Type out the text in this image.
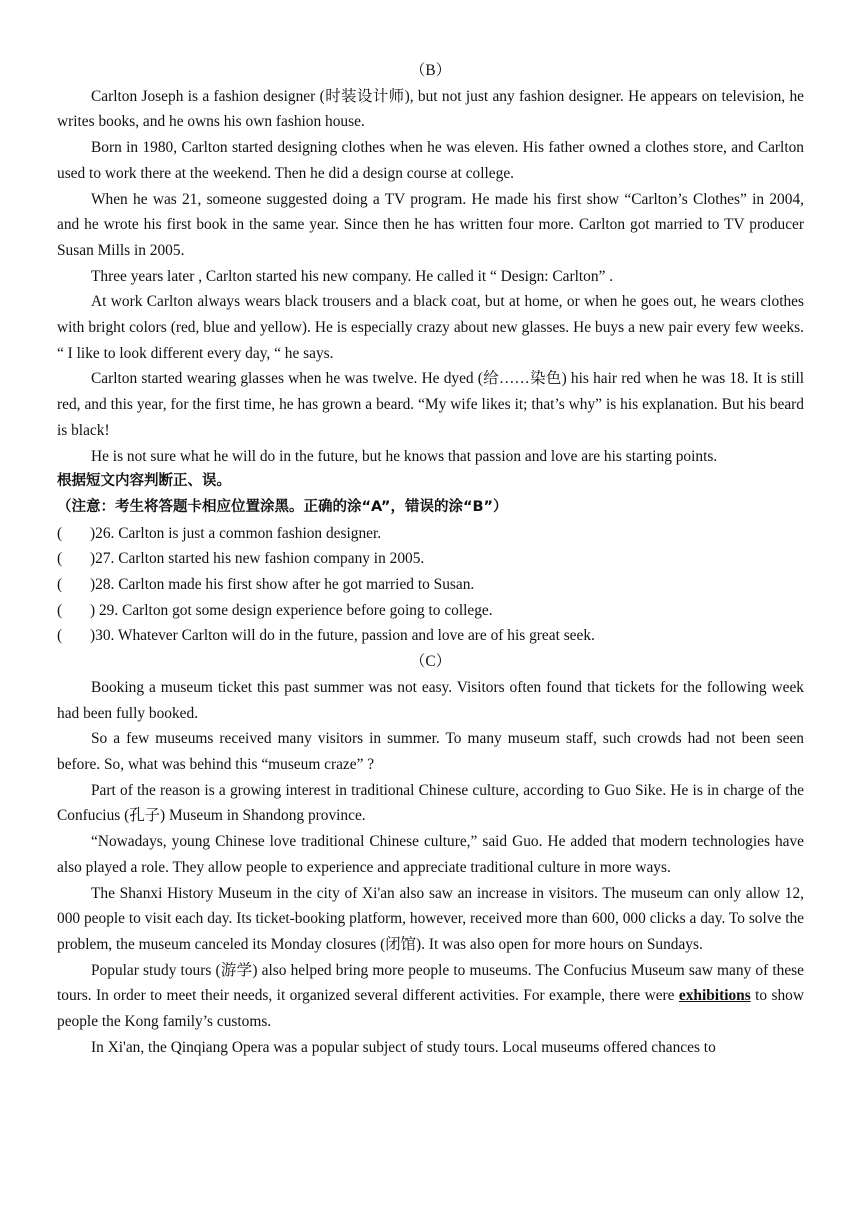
（B）

Carlton Joseph is a fashion designer (时装设计师), but not just any fashion designer. He appears on television, he writes books, and he owns his own fashion house.

Born in 1980, Carlton started designing clothes when he was eleven. His father owned a clothes store, and Carlton used to work there at the weekend. Then he did a design course at college.

When he was 21, someone suggested doing a TV program. He made his first show “Carlton’s Clothes” in 2004, and he wrote his first book in the same year. Since then he has written four more. Carlton got married to TV producer Susan Mills in 2005.

Three years later , Carlton started his new company. He called it “ Design: Carlton” .

At work Carlton always wears black trousers and a black coat, but at home, or when he goes out, he wears clothes with bright colors (red, blue and yellow). He is especially crazy about new glasses. He buys a new pair every few weeks. “ I like to look different every day, “ he says.

Carlton started wearing glasses when he was twelve. He dyed (给……染色) his hair red when he was 18. It is still red, and this year, for the first time, he has grown a beard. “My wife likes it; that’s why” is his explanation. But his beard is black!

He is not sure what he will do in the future, but he knows that passion and love are his starting points.

根据短文内容判断正、误。

（注意：考生将答题卡相应位置涂黑。正确的涂“A”，错误的涂“B”）

( )26. Carlton is just a common fashion designer.

( )27. Carlton started his new fashion company in 2005.

( )28. Carlton made his first show after he got married to Susan.

( ) 29. Carlton got some design experience before going to college.

( )30. Whatever Carlton will do in the future, passion and love are of his great seek.

（C）

Booking a museum ticket this past summer was not easy. Visitors often found that tickets for the following week had been fully booked.

So a few museums received many visitors in summer. To many museum staff, such crowds had not been seen before. So, what was behind this “museum craze” ?

Part of the reason is a growing interest in traditional Chinese culture, according to Guo Sike. He is in charge of the Confucius (孔子) Museum in Shandong province.

“Nowadays, young Chinese love traditional Chinese culture,” said Guo. He added that modern technologies have also played a role. They allow people to experience and appreciate traditional culture in more ways.

The Shanxi History Museum in the city of Xi'an also saw an increase in visitors. The museum can only allow 12, 000 people to visit each day. Its ticket-booking platform, however, received more than 600, 000 clicks a day. To solve the problem, the museum canceled its Monday closures (闭馆). It was also open for more hours on Sundays.

Popular study tours (游学) also helped bring more people to museums. The Confucius Museum saw many of these tours. In order to meet their needs, it organized several different activities. For example, there were exhibitions to show people the Kong family’s customs.

In Xi'an, the Qinqiang Opera was a popular subject of study tours. Local museums offered chances to
